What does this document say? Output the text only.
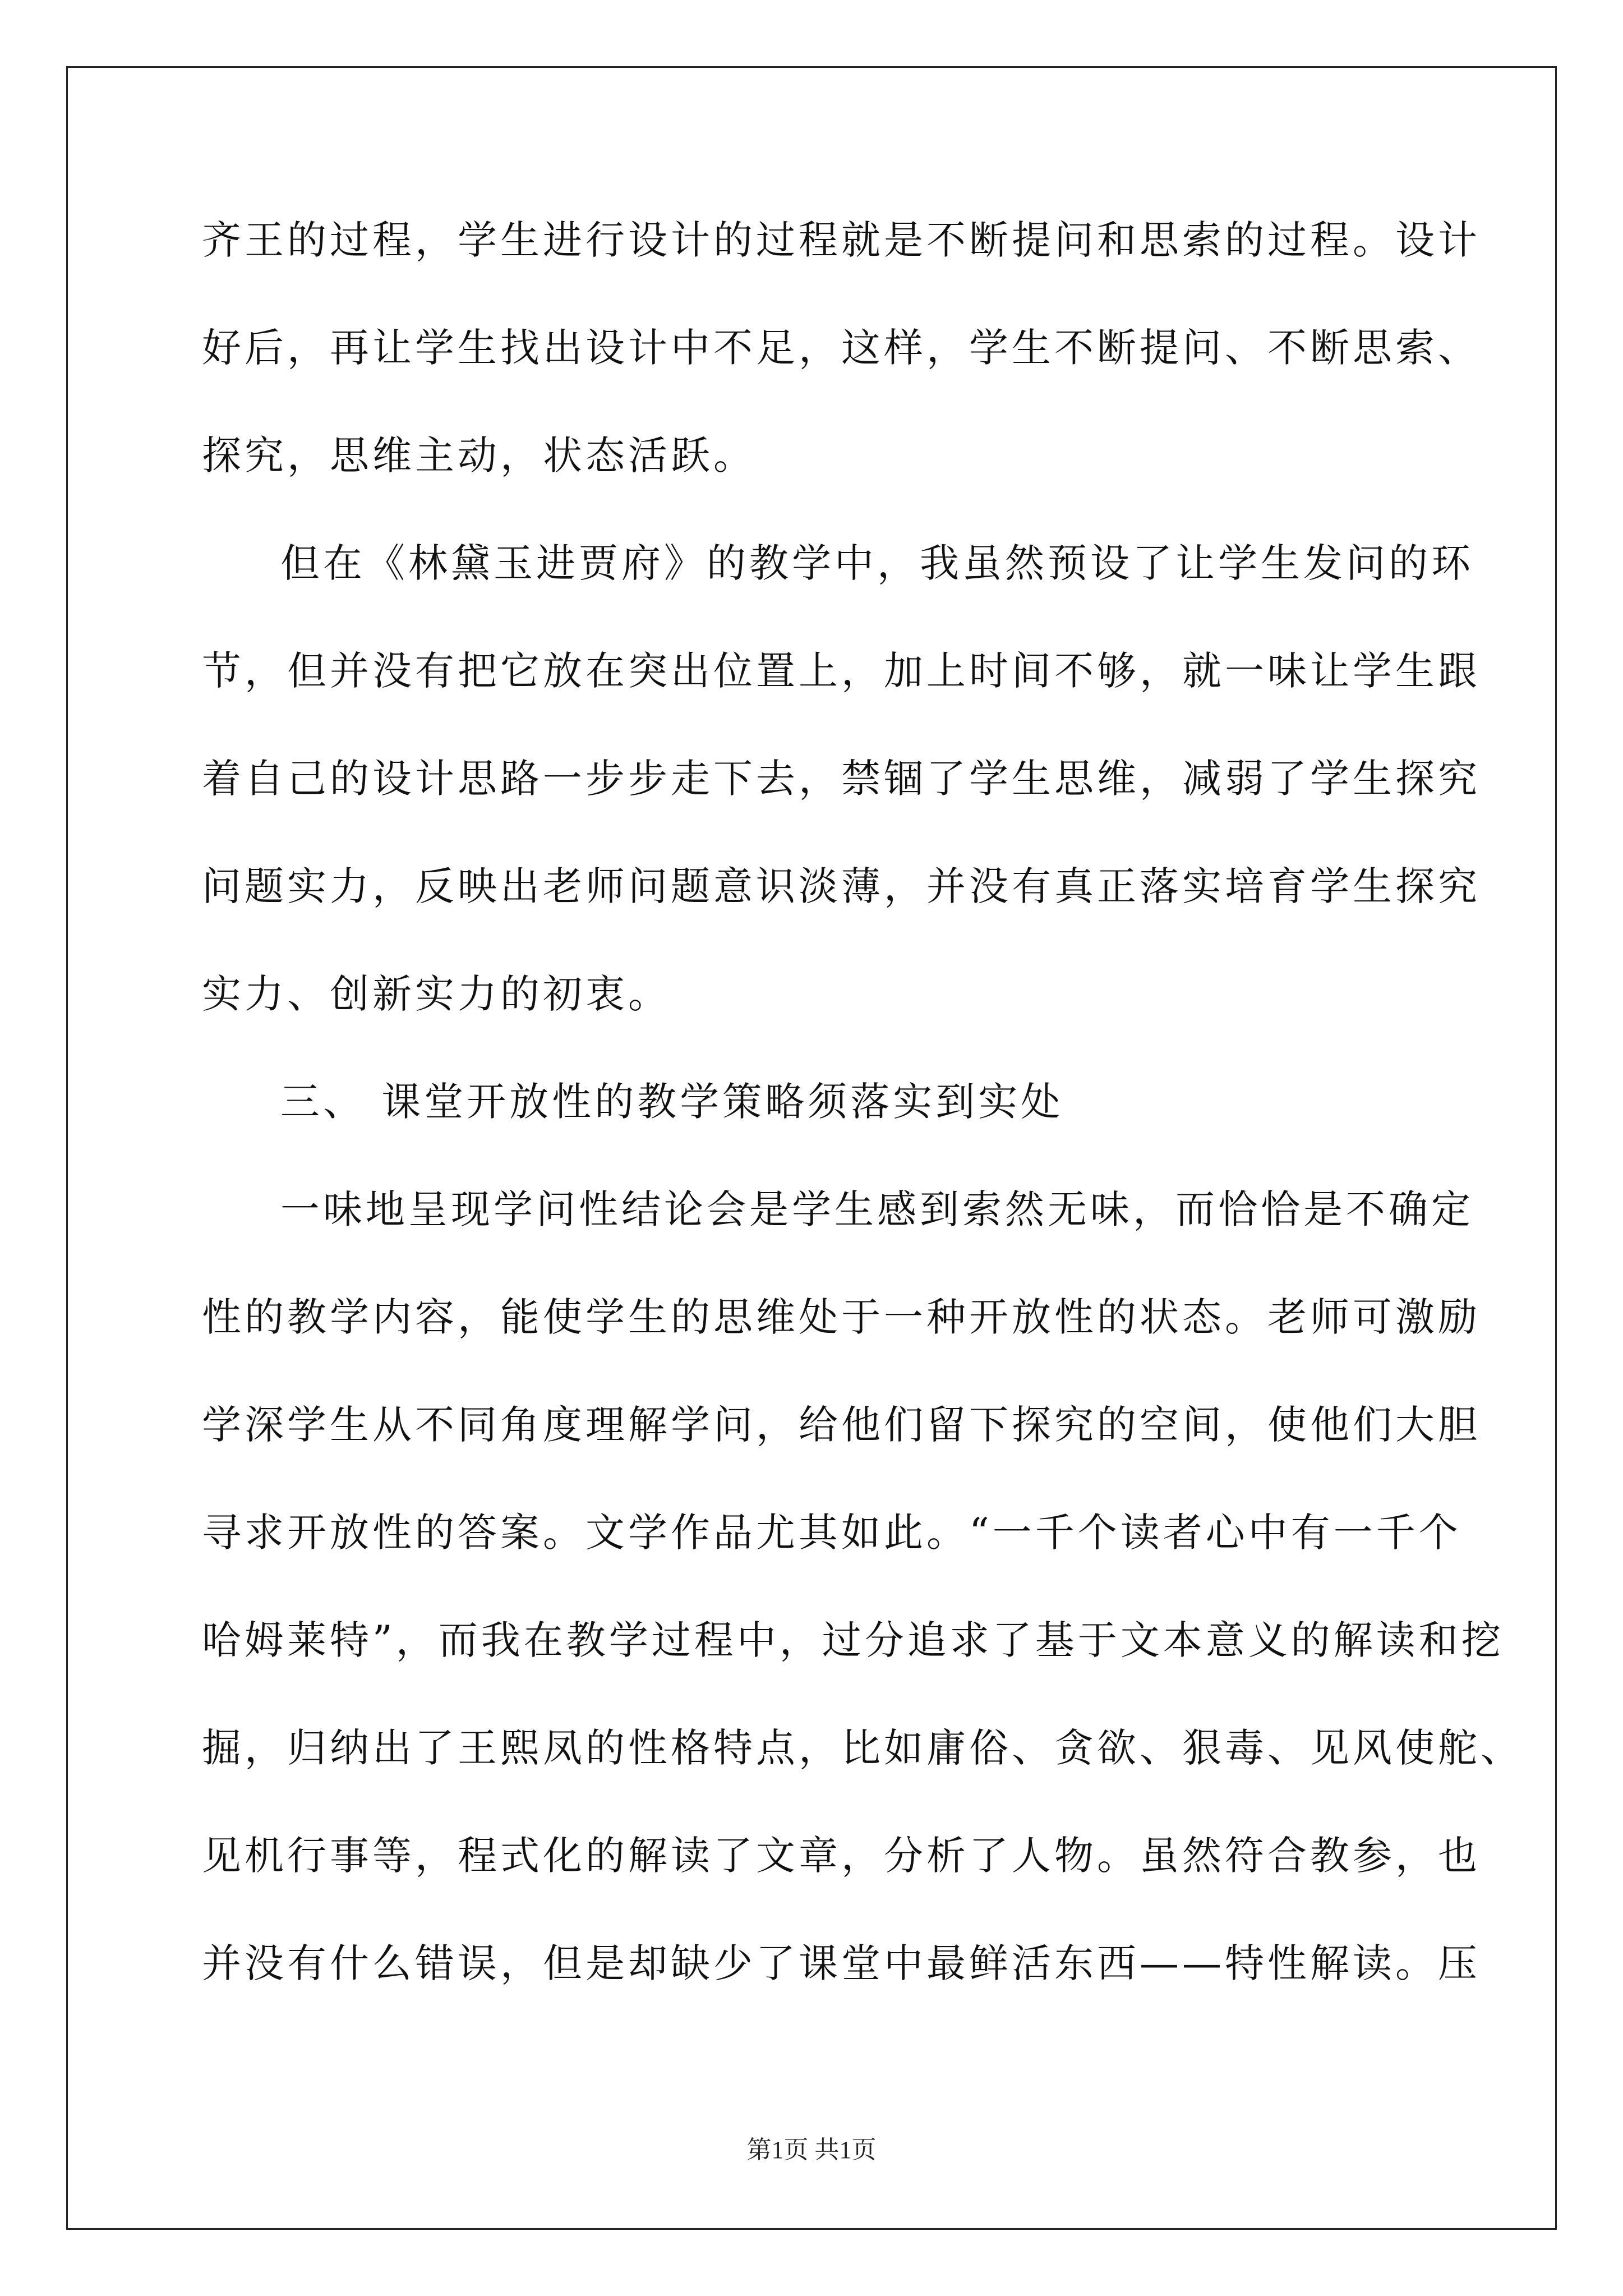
齐王的过程，学生进行设计的过程就是不断提问和思索的过程。设计
好后，再让学生找出设计中不足，这样，学生不断提问、不断思索、
探究，思维主动，状态活跃。
但在《林黛玉进贾府》的教学中，我虽然预设了让学生发问的环
节，但并没有把它放在突出位置上，加上时间不够，就一味让学生跟
着自己的设计思路一步步走下去，禁锢了学生思维，减弱了学生探究
问题实力，反映出老师问题意识淡薄，并没有真正落实培育学生探究
实力、创新实力的初衷。
三、 课堂开放性的教学策略须落实到实处
一味地呈现学问性结论会是学生感到索然无味，而恰恰是不确定
性的教学内容，能使学生的思维处于一种开放性的状态。老师可激励
学深学生从不同角度理解学问，给他们留下探究的空间，使他们大胆
寻求开放性的答案。文学作品尤其如此。“一千个读者心中有一千个
哈姆莱特”，而我在教学过程中，过分追求了基于文本意义的解读和挖
掘，归纳出了王熙凤的性格特点，比如庸俗、贪欲、狠毒、见风使舵、
见机行事等，程式化的解读了文章，分析了人物。虽然符合教参，也
并没有什么错误，但是却缺少了课堂中最鲜活东西——特性解读。压
第1页 共1页
